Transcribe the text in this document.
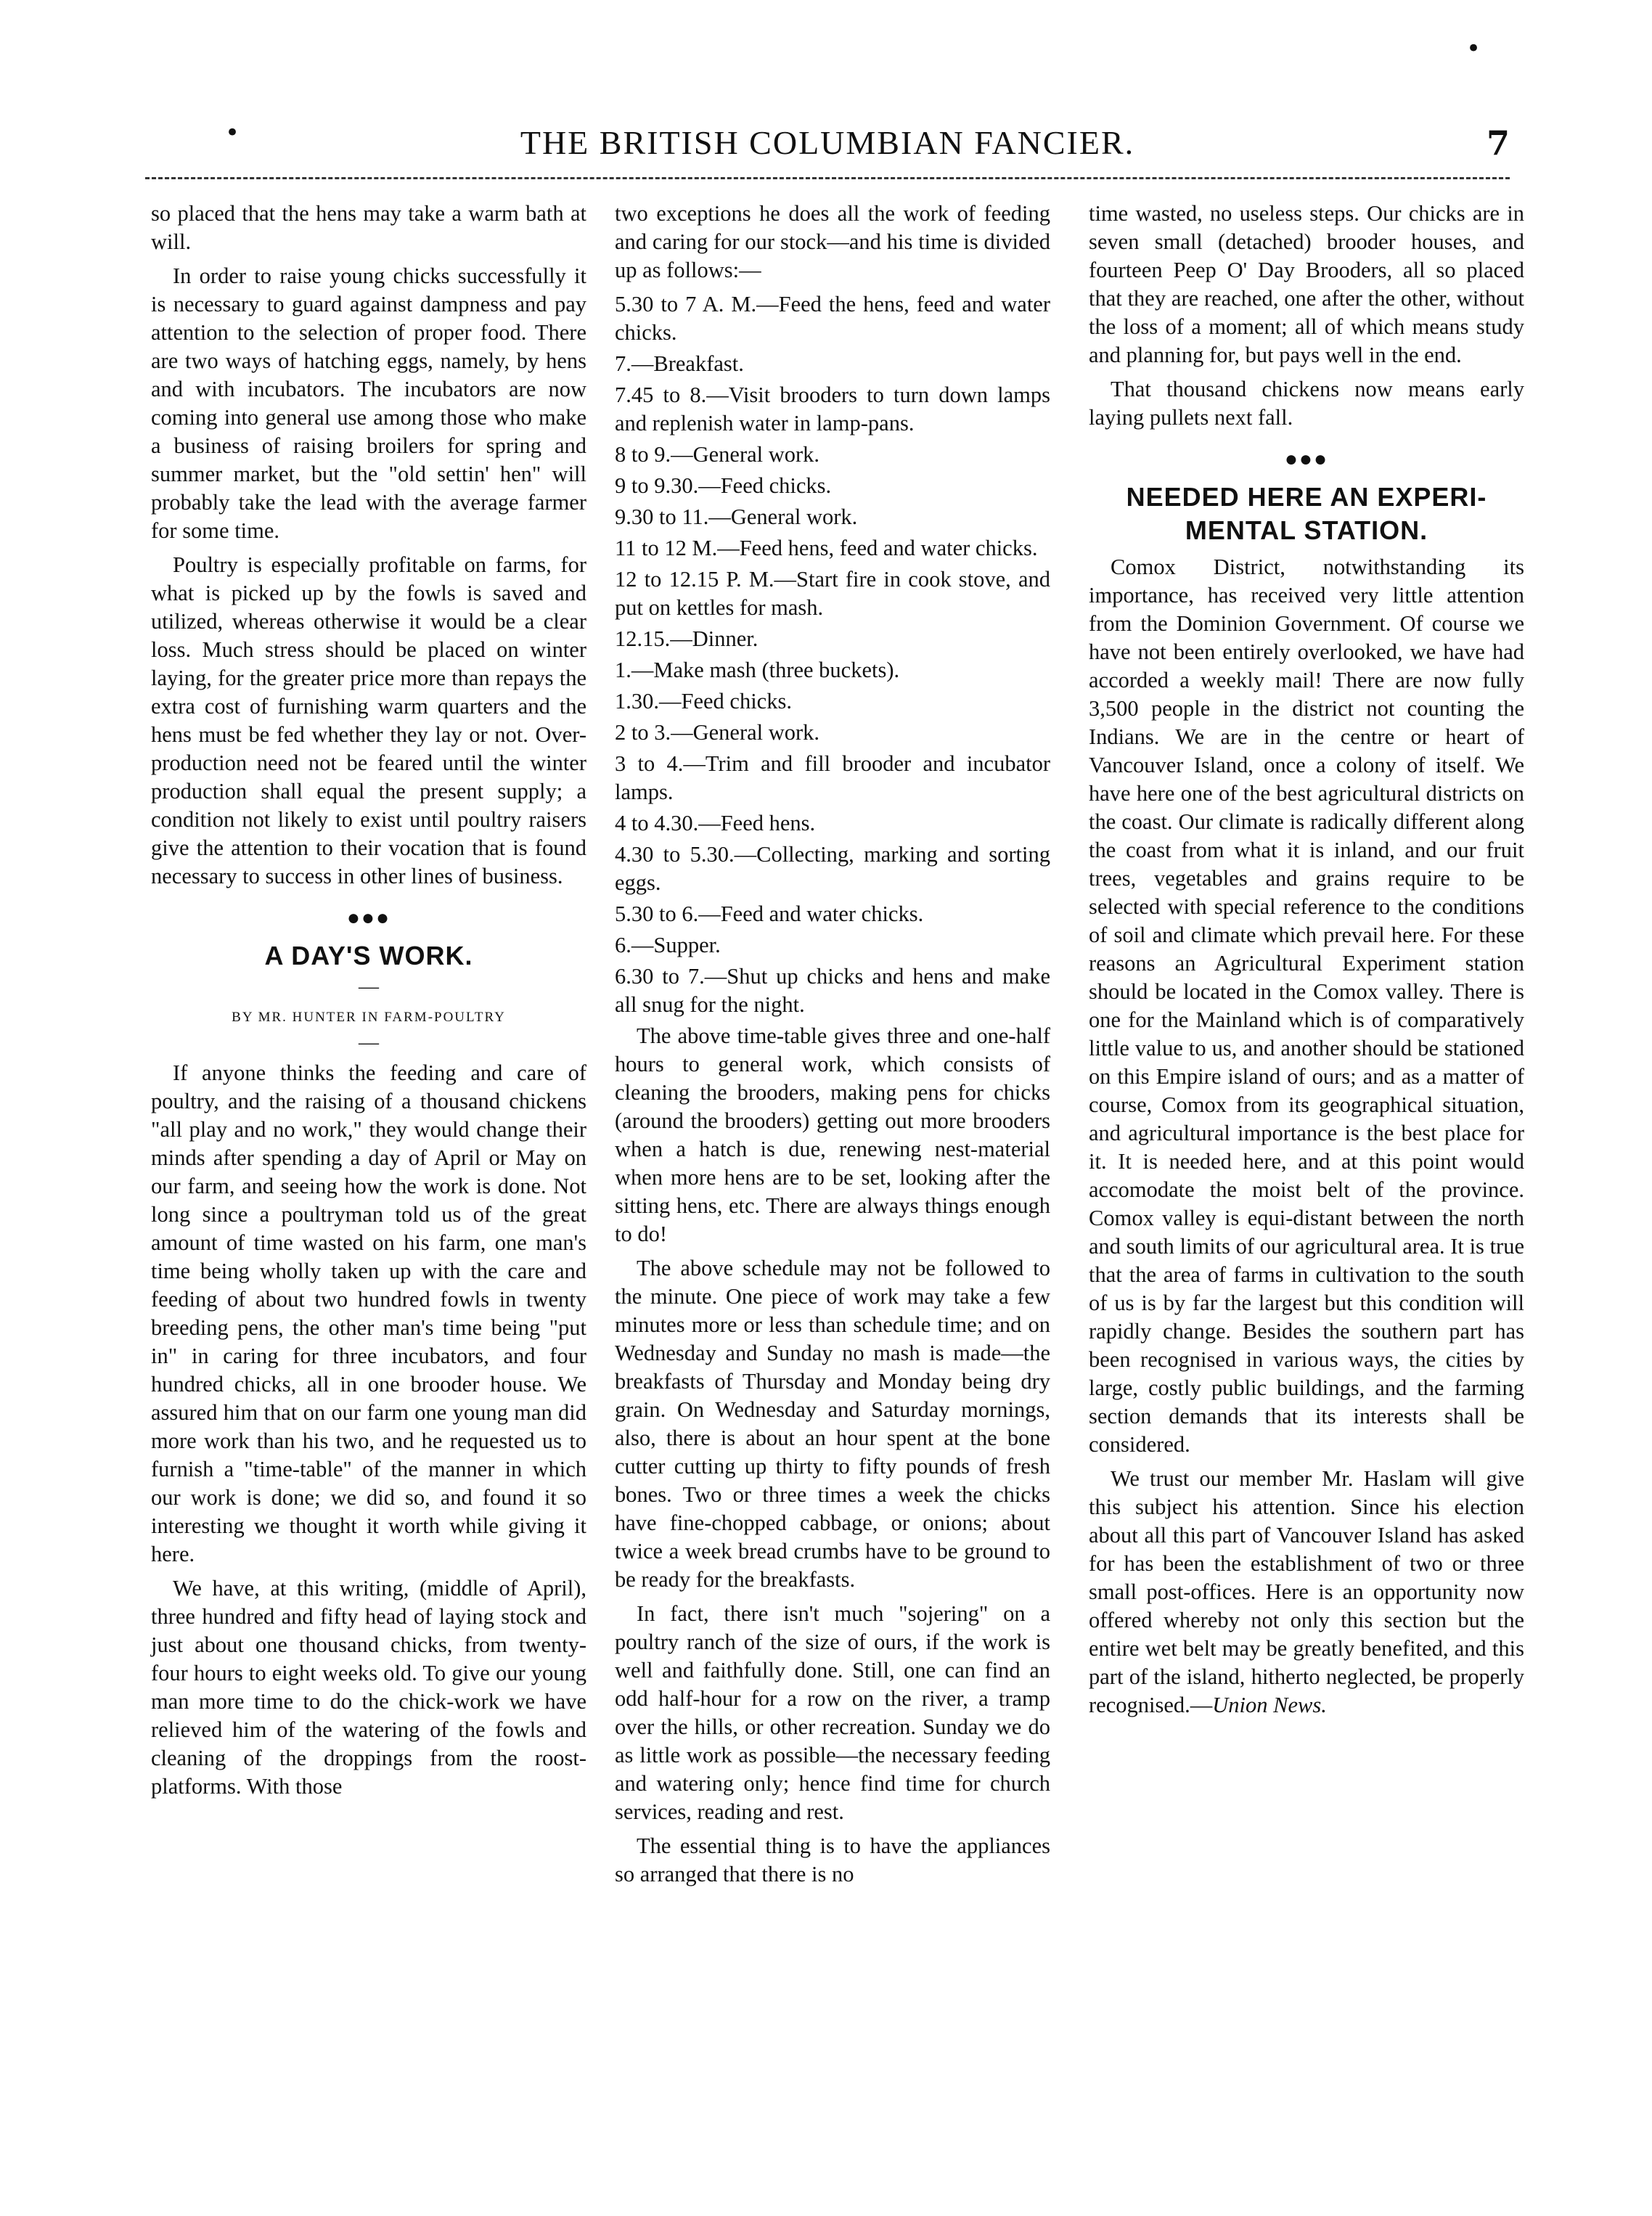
•
•
THE BRITISH COLUMBIAN FANCIER.	7

so placed that the hens may take a warm bath at will.

In order to raise young chicks successfully it is necessary to guard against dampness and pay attention to the selection of proper food. There are two ways of hatching eggs, namely, by hens and with incubators. The incubators are now coming into general use among those who make a business of raising broilers for spring and summer market, but the "old settin' hen" will probably take the lead with the average farmer for some time.

Poultry is especially profitable on farms, for what is picked up by the fowls is saved and utilized, whereas otherwise it would be a clear loss. Much stress should be placed on winter laying, for the greater price more than repays the extra cost of furnishing warm quarters and the hens must be fed whether they lay or not. Over-production need not be feared until the winter production shall equal the present supply; a condition not likely to exist until poultry raisers give the attention to their vocation that is found necessary to success in other lines of business.

●●●
A DAY'S WORK.
—
BY MR. HUNTER IN FARM-POULTRY
—

If anyone thinks the feeding and care of poultry, and the raising of a thousand chickens "all play and no work," they would change their minds after spending a day of April or May on our farm, and seeing how the work is done. Not long since a poultryman told us of the great amount of time wasted on his farm, one man's time being wholly taken up with the care and feeding of about two hundred fowls in twenty breeding pens, the other man's time being "put in" in caring for three incubators, and four hundred chicks, all in one brooder house. We assured him that on our farm one young man did more work than his two, and he requested us to furnish a "time-table" of the manner in which our work is done; we did so, and found it so interesting we thought it worth while giving it here.

We have, at this writing, (middle of April), three hundred and fifty head of laying stock and just about one thousand chicks, from twenty-four hours to eight weeks old. To give our young man more time to do the chick-work we have relieved him of the watering of the fowls and cleaning of the droppings from the roost-platforms. With those

two exceptions he does all the work of feeding and caring for our stock—and his time is divided up as follows:—

5.30 to 7 A. M.—Feed the hens, feed and water chicks.

7.—Breakfast.

7.45 to 8.—Visit brooders to turn down lamps and replenish water in lamp-pans.

8 to 9.—General work.

9 to 9.30.—Feed chicks.

9.30 to 11.—General work.

11 to 12 M.—Feed hens, feed and water chicks.

12 to 12.15 P. M.—Start fire in cook stove, and put on kettles for mash.

12.15.—Dinner.

1.—Make mash (three buckets).

1.30.—Feed chicks.

2 to 3.—General work.

3 to 4.—Trim and fill brooder and incubator lamps.

4 to 4.30.—Feed hens.

4.30 to 5.30.—Collecting, marking and sorting eggs.

5.30 to 6.—Feed and water chicks.

6.—Supper.

6.30 to 7.—Shut up chicks and hens and make all snug for the night.

The above time-table gives three and one-half hours to general work, which consists of cleaning the brooders, making pens for chicks (around the brooders) getting out more brooders when a hatch is due, renewing nest-material when more hens are to be set, looking after the sitting hens, etc. There are always things enough to do!

The above schedule may not be followed to the minute. One piece of work may take a few minutes more or less than schedule time; and on Wednesday and Sunday no mash is made—the breakfasts of Thursday and Monday being dry grain. On Wednesday and Saturday mornings, also, there is about an hour spent at the bone cutter cutting up thirty to fifty pounds of fresh bones. Two or three times a week the chicks have fine-chopped cabbage, or onions; about twice a week bread crumbs have to be ground to be ready for the breakfasts.

In fact, there isn't much "sojering" on a poultry ranch of the size of ours, if the work is well and faithfully done. Still, one can find an odd half-hour for a row on the river, a tramp over the hills, or other recreation. Sunday we do as little work as possible—the necessary feeding and watering only; hence find time for church services, reading and rest.

The essential thing is to have the appliances so arranged that there is no

time wasted, no useless steps. Our chicks are in seven small (detached) brooder houses, and fourteen Peep O' Day Brooders, all so placed that they are reached, one after the other, without the loss of a moment; all of which means study and planning for, but pays well in the end.

That thousand chickens now means early laying pullets next fall.

●●●
NEEDED HERE AN EXPERI-
MENTAL STATION.

Comox District, notwithstanding its importance, has received very little attention from the Dominion Government. Of course we have not been entirely overlooked, we have had accorded a weekly mail! There are now fully 3,500 people in the district not counting the Indians. We are in the centre or heart of Vancouver Island, once a colony of itself. We have here one of the best agricultural districts on the coast. Our climate is radically different along the coast from what it is inland, and our fruit trees, vegetables and grains require to be selected with special reference to the conditions of soil and climate which prevail here. For these reasons an Agricultural Experiment station should be located in the Comox valley. There is one for the Mainland which is of comparatively little value to us, and another should be stationed on this Empire island of ours; and as a matter of course, Comox from its geographical situation, and agricultural importance is the best place for it. It is needed here, and at this point would accomodate the moist belt of the province. Comox valley is equi-distant between the north and south limits of our agricultural area. It is true that the area of farms in cultivation to the south of us is by far the largest but this condition will rapidly change. Besides the southern part has been recognised in various ways, the cities by large, costly public buildings, and the farming section demands that its interests shall be considered.

We trust our member Mr. Haslam will give this subject his attention. Since his election about all this part of Vancouver Island has asked for has been the establishment of two or three small post-offices. Here is an opportunity now offered whereby not only this section but the entire wet belt may be greatly benefited, and this part of the island, hitherto neglected, be properly recognised.—Union News.
